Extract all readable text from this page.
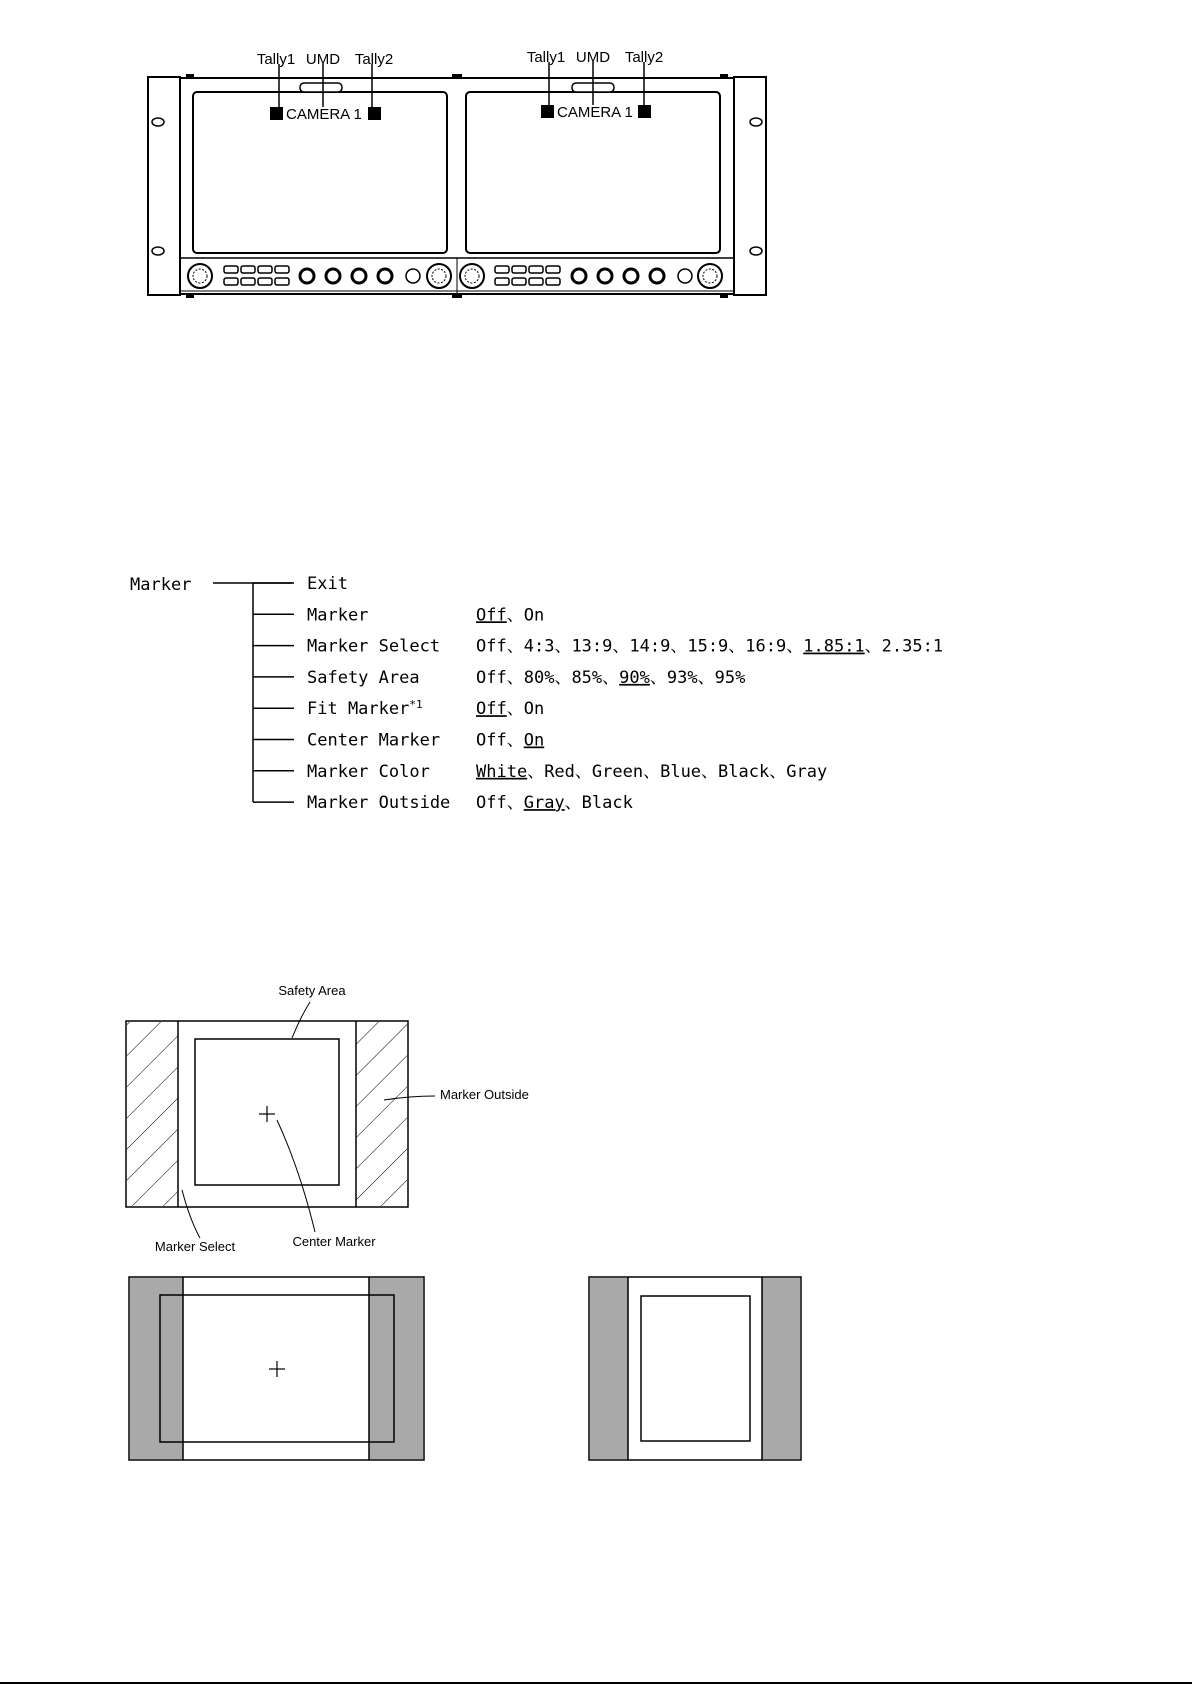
Tally1 UMD Tally2
CAMERA 1
Tally1 UMD Tally2
CAMERA 1
Marker	Exit
Marker	Off、On
Marker Select Off、4:3、13:9、14:9、15:9、16:9、1.85:1、2.35:1
Safety Area	Off、80%、85%、90%、93%、95%
Fit Marker$^{*1}$	Off、On
Center Marker Off、On
Marker Color	White、Red、Green、Blue、Black、Gray
Marker Outside Off、Gray、Black
Safety Area
Marker Outside
Marker Select	Center Marker
